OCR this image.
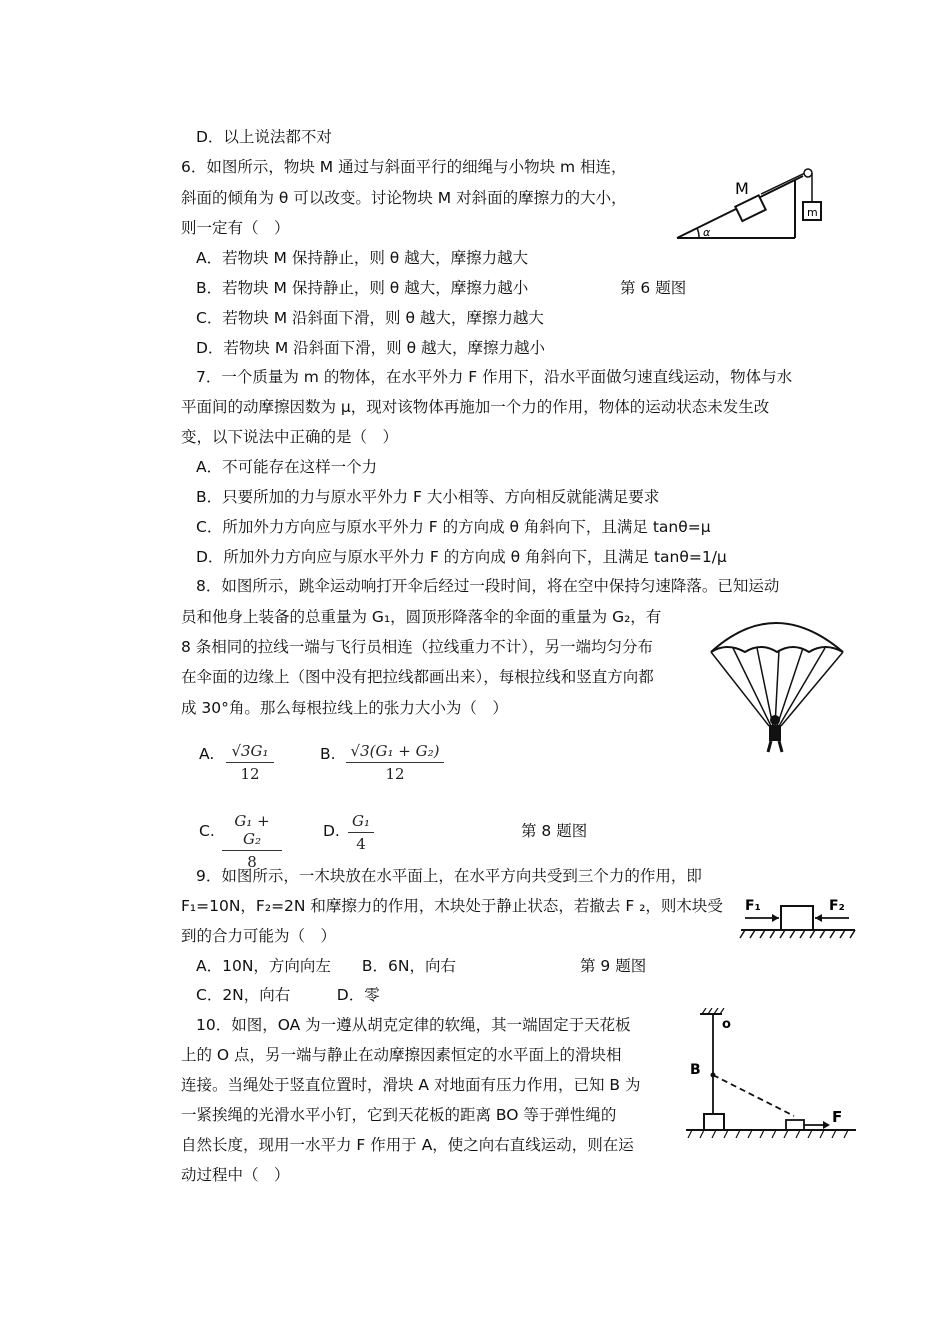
D．以上说法都不对
6．如图所示，物块 M 通过与斜面平行的细绳与小物块 m 相连，
斜面的倾角为 θ 可以改变。讨论物块 M 对斜面的摩擦力的大小，
则一定有（　）
A．若物块 M 保持静止，则 θ 越大，摩擦力越大
B．若物块 M 保持静止，则 θ 越大，摩擦力越小	第 6 题图
C．若物块 M 沿斜面下滑，则 θ 越大，摩擦力越大
D．若物块 M 沿斜面下滑，则 θ 越大，摩擦力越小
α
M
m
7．一个质量为 m 的物体，在水平外力 F 作用下，沿水平面做匀速直线运动，物体与水
平面间的动摩擦因数为 μ，现对该物体再施加一个力的作用，物体的运动状态未发生改
变，以下说法中正确的是（　）
A．不可能存在这样一个力
B．只要所加的力与原水平外力 F 大小相等、方向相反就能满足要求
C．所加外力方向应与原水平外力 F 的方向成 θ 角斜向下，且满足 tanθ=μ
D．所加外力方向应与原水平外力 F 的方向成 θ 角斜向下，且满足 tanθ=1/μ
8．如图所示，跳伞运动响打开伞后经过一段时间，将在空中保持匀速降落。已知运动
员和他身上装备的总重量为 G₁，圆顶形降落伞的伞面的重量为 G₂，有
8 条相同的拉线一端与飞行员相连（拉线重力不计），另一端均匀分布
在伞面的边缘上（图中没有把拉线都画出来），每根拉线和竖直方向都
成 30°角。那么每根拉线上的张力大小为（　）
A. $\frac{\text{√3G₁}}{12}$	B. $\frac{\text{√3(G₁ + G₂)}}{12}$
C. $\frac{\text{G₁ + G₂}}{8}$	D. $\frac{\text{G₁}}{4}$	第 8 题图
9．如图所示，一木块放在水平面上，在水平方向共受到三个力的作用，即
F₁=10N，F₂=2N 和摩擦力的作用，木块处于静止状态，若撤去 F ₂，则木块受
到的合力可能为（　）
A．10N，方向向左　　B．6N，向右	第 9 题图
C．2N，向右　　　D．零
F₁	F₂
10．如图，OA 为一遵从胡克定律的软绳，其一端固定于天花板
上的 O 点，另一端与静止在动摩擦因素恒定的水平面上的滑块相
连接。当绳处于竖直位置时，滑块 A 对地面有压力作用，已知 B 为
一紧挨绳的光滑水平小钉，它到天花板的距离 BO 等于弹性绳的
自然长度，现用一水平力 F 作用于 A，使之向右直线运动，则在运
动过程中（　）
o
B
F
